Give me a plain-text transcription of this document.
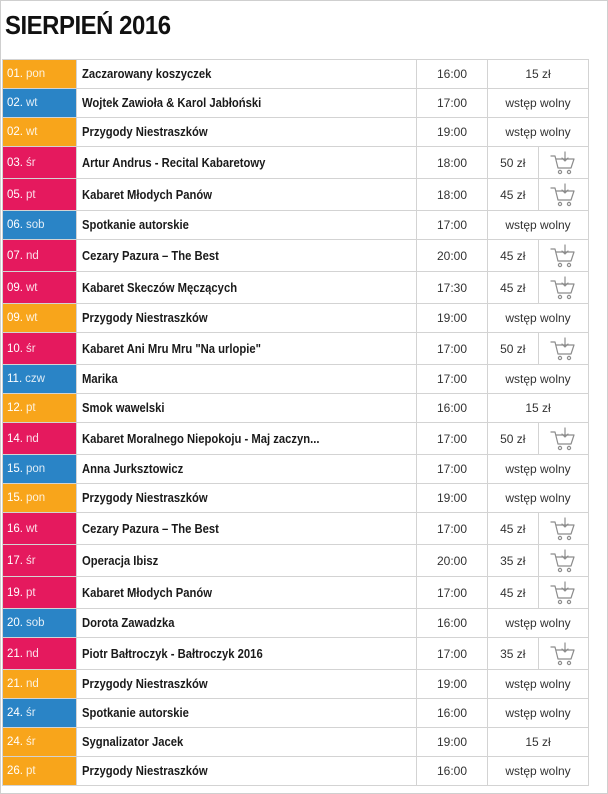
SIERPIEŃ 2016
01. pon	Zaczarowany koszyczek	16:00	15 zł	
02. wt	Wojtek Zawioła & Karol Jabłoński	17:00	wstęp wolny	
02. wt	Przygody Niestraszków	19:00	wstęp wolny	
03. śr	Artur Andrus - Recital Kabaretowy	18:00	50 zł	
05. pt	Kabaret Młodych Panów	18:00	45 zł	
06. sob	Spotkanie autorskie	17:00	wstęp wolny	
07. nd	Cezary Pazura – The Best	20:00	45 zł	
09. wt	Kabaret Skeczów Męczących	17:30	45 zł	
09. wt	Przygody Niestraszków	19:00	wstęp wolny	
10. śr	Kabaret Ani Mru Mru "Na urlopie"	17:00	50 zł	
11. czw	Marika	17:00	wstęp wolny	
12. pt	Smok wawelski	16:00	15 zł	
14. nd	Kabaret Moralnego Niepokoju - Maj zaczyn...	17:00	50 zł	
15. pon	Anna Jurksztowicz	17:00	wstęp wolny	
15. pon	Przygody Niestraszków	19:00	wstęp wolny	
16. wt	Cezary Pazura – The Best	17:00	45 zł	
17. śr	Operacja Ibisz	20:00	35 zł	
19. pt	Kabaret Młodych Panów	17:00	45 zł	
20. sob	Dorota Zawadzka	16:00	wstęp wolny	
21. nd	Piotr Bałtroczyk - Bałtroczyk 2016	17:00	35 zł	
21. nd	Przygody Niestraszków	19:00	wstęp wolny	
24. śr	Spotkanie autorskie	16:00	wstęp wolny	
24. śr	Sygnalizator Jacek	19:00	15 zł	
26. pt	Przygody Niestraszków	16:00	wstęp wolny	
